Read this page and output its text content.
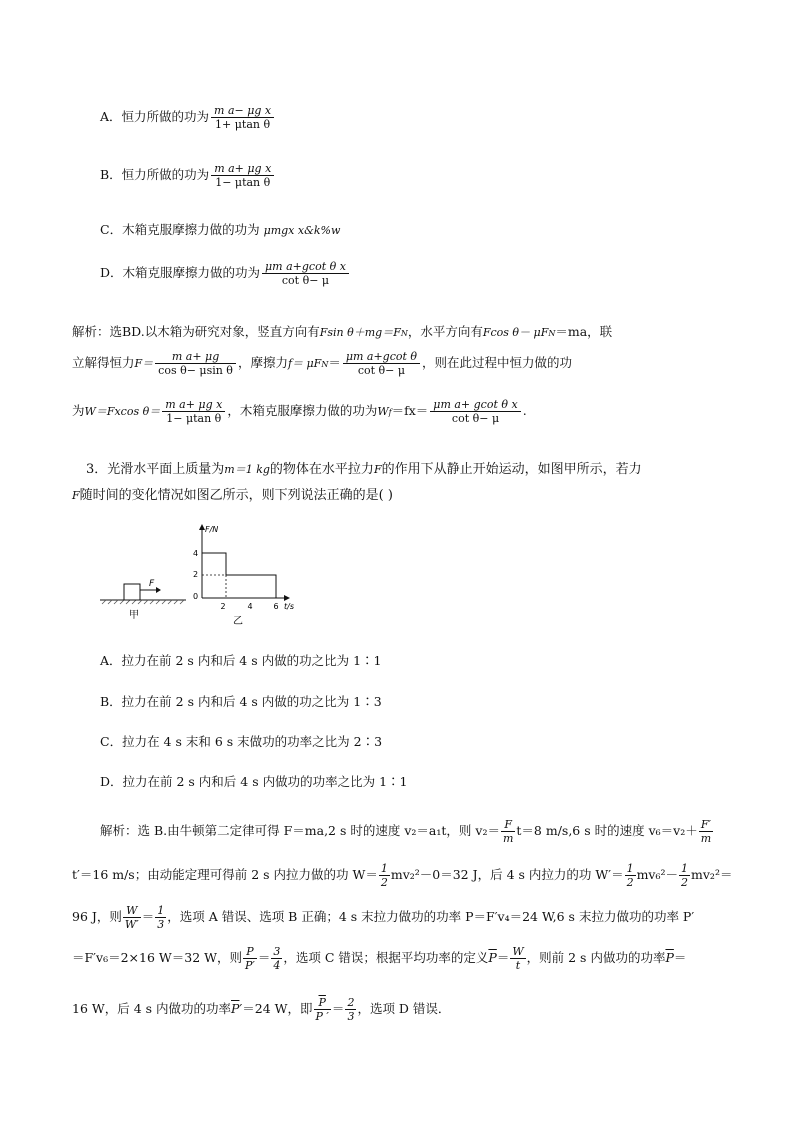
A．恒力所做的功为 $\frac{\text{m a− μg x}}{\text{1+ μtan θ}}$
B．恒力所做的功为 $\frac{\text{m a+ μg x}}{\text{1− μtan θ}}$
C．木箱克服摩擦力做的功为 μmgx x&k%w
D．木箱克服摩擦力做的功为 $\frac{\text{μm a+gcot θ x}}{\text{cot θ− μ}}$
解析：选BD.以木箱为研究对象，竖直方向有Fsin θ＋mg＝FN，水平方向有Fcos θ－ μFN＝ma，联
立解得恒力$F= \frac{\text{m a+ μg}}{\text{cos θ− μsin θ}}$ ，摩擦力$f= \mu FN= \frac{\text{μm a+gcot θ}}{\text{cot θ− μ}}$ ，则在此过程中恒力做的功
为W＝Fxcos $\theta= \frac{\text{m a+ μg x}}{\text{1− μtan θ}}$ ，木箱克服摩擦力做的功为$Wf=fx= \frac{\text{μm a+ gcot θ x}}{\text{cot θ− μ}}$ .
3．光滑水平面上质量为m＝1 kg的物体在水平拉力F的作用下从静止开始运动，如图甲所示，若力
F随时间的变化情况如图乙所示，则下列说法正确的是( )
F
甲
F/N
t/s
4
2
0
2	4	6
乙
A．拉力在前 2 s 内和后 4 s 内做的功之比为 1∶1
B．拉力在前 2 s 内和后 4 s 内做的功之比为 1∶3
C．拉力在 4 s 末和 6 s 末做功的功率之比为 2∶3
D．拉力在前 2 s 内和后 4 s 内做功的功率之比为 1∶1
解析：选 B.由牛顿第二定律可得 F＝ma,2 s 时的速度 v₂＝a₁t，则 $v_2= \frac{F}{m} t=8$ m/s,6 s 时的速度 $v_6=v_2+ \frac{F'}{m}$
t′＝16 m/s；由动能定理可得前 2 s 内拉力做的功 $W= \frac{1}{2} mv_2^2-0=32$ J，后 4 s 内拉力的功 $W'= \frac{1}{2} mv_6^2- \frac{1}{2} mv_2^2=$
96 J，则 $\frac{W}{W'} = \frac{1}{3}$ ，选项 A 错误、选项 B 正确；4 s 末拉力做功的功率 P＝F′v₄＝24 W,6 s 末拉力做功的功率 P′
＝F′v₆＝2×16 W＝32 W，则 $\frac{P}{P'} = \frac{3}{4}$ ，选项 C 错误；根据平均功率的定义$\overline{P}= \frac{W}{t}$ ，则前 2 s 内做功的功率$\overline{P}=$
16 W，后 4 s 内做功的功率$\overline{P}'=24$ W，即 $\frac{\overline{P}}{P '} = \frac{2}{3}$ ，选项 D 错误．
